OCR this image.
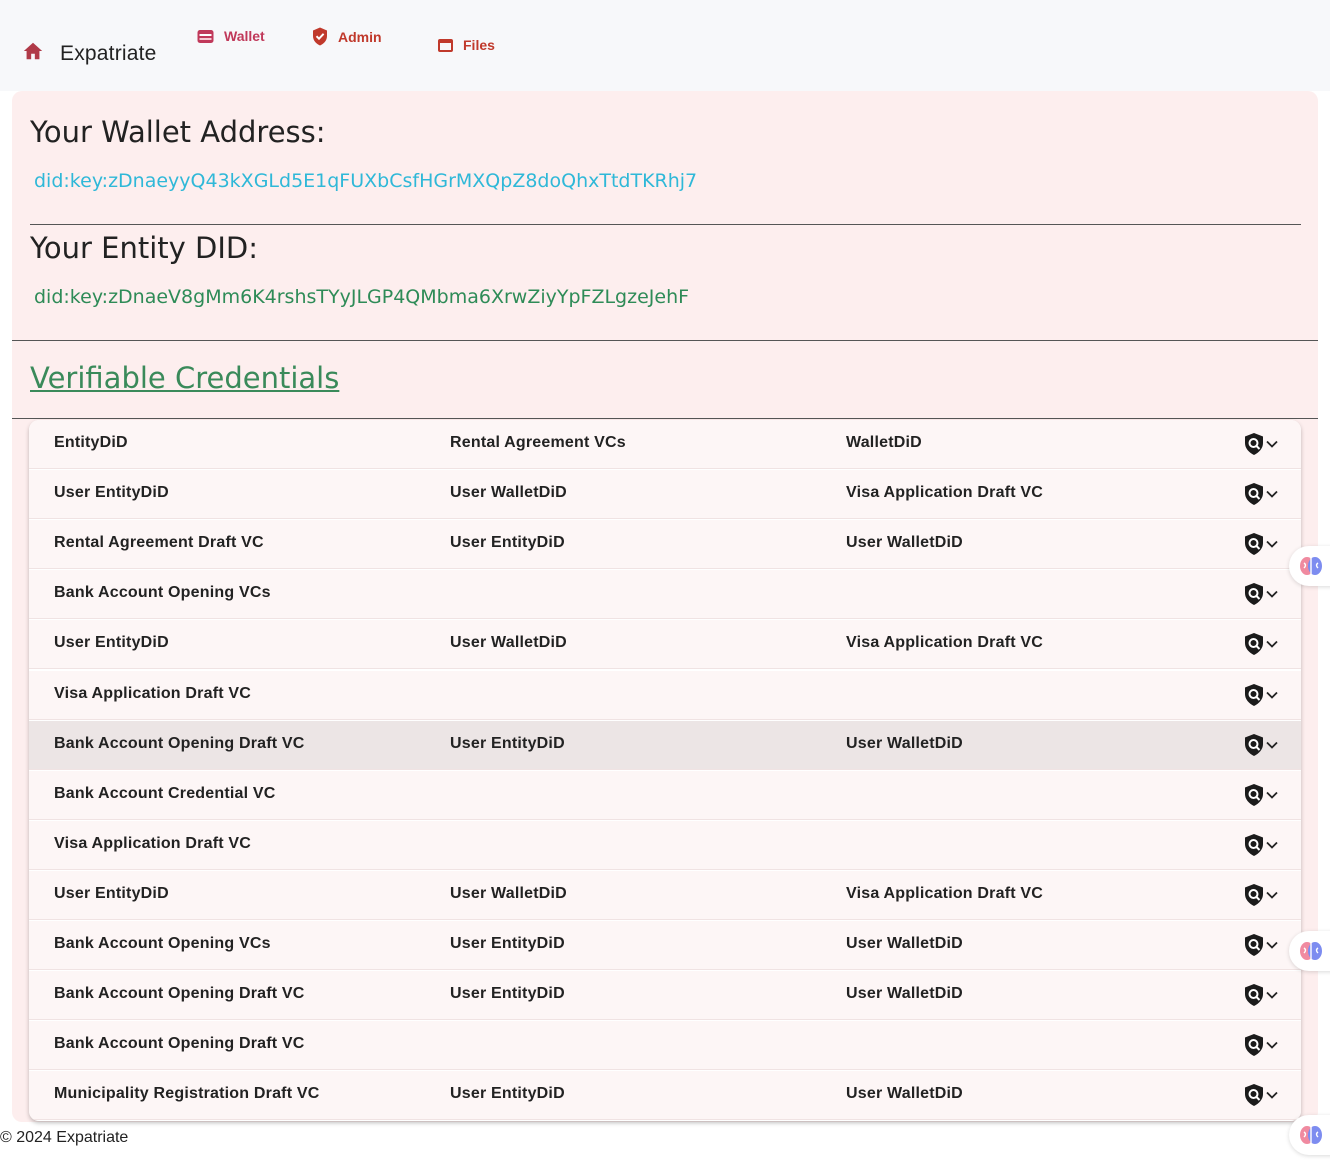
Expatriate
Wallet	Admin
Files
Your Wallet Address:
did:key:zDnaeyyQ43kXGLd5E1qFUXbCsfHGrMXQpZ8doQhxTtdTKRhj7
Your Entity DID:
did:key:zDnaeV8gMm6K4rshsTYyJLGP4QMbma6XrwZiyYpFZLgzeJehF
Verifiable Credentials
EntityDiD	Rental Agreement VCs	WalletDiD
User EntityDiD	User WalletDiD	Visa Application Draft VC
Rental Agreement Draft VC	User EntityDiD	User WalletDiD
Bank Account Opening VCs
User EntityDiD	User WalletDiD	Visa Application Draft VC
Visa Application Draft VC
Bank Account Opening Draft VC	User EntityDiD	User WalletDiD
Bank Account Credential VC
Visa Application Draft VC
User EntityDiD	User WalletDiD	Visa Application Draft VC
Bank Account Opening VCs	User EntityDiD	User WalletDiD
Bank Account Opening Draft VC	User EntityDiD	User WalletDiD
Bank Account Opening Draft VC
Municipality Registration Draft VC	User EntityDiD	User WalletDiD
© 2024 Expatriate
